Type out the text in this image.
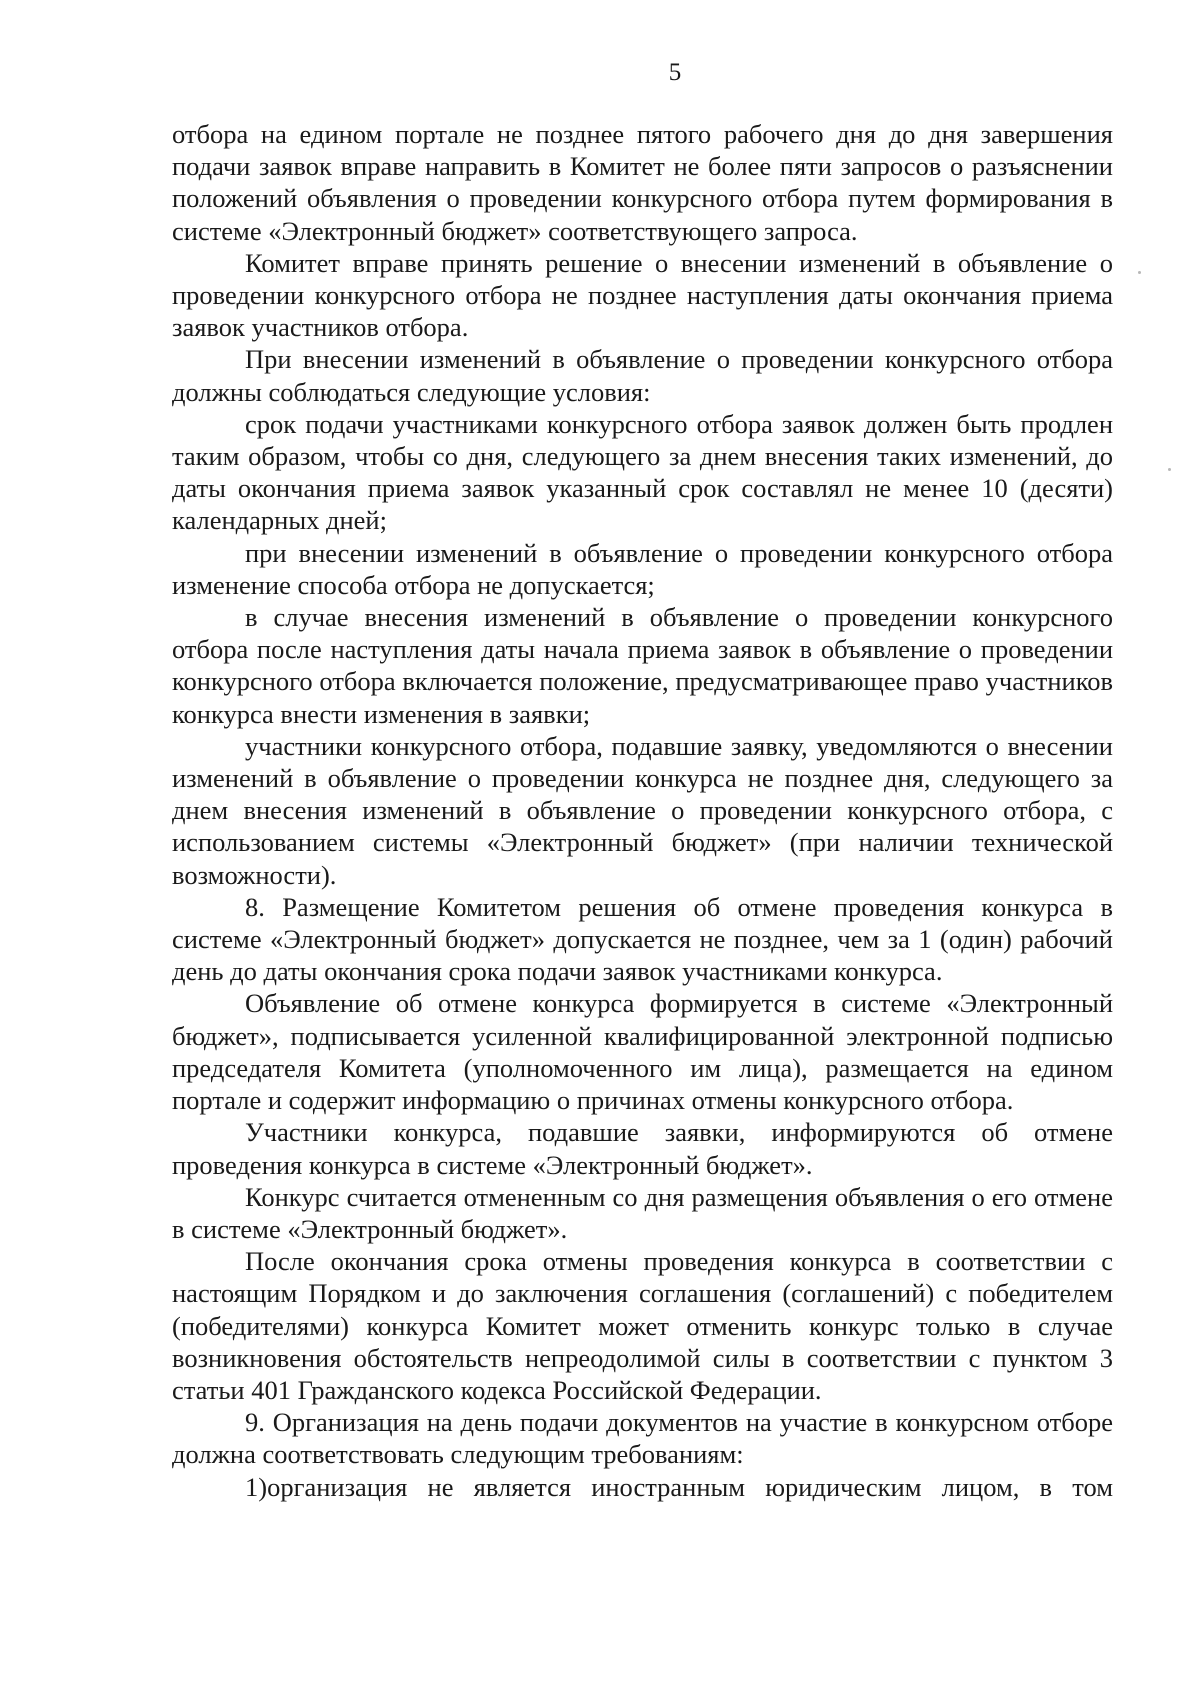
5

отбора на едином портале не позднее пятого рабочего дня до дня завершения подачи заявок вправе направить в Комитет не более пяти запросов о разъяснении положений объявления о проведении конкурсного отбора путем формирования в системе «Электронный бюджет» соответствующего запроса.

Комитет вправе принять решение о внесении изменений в объявление о проведении конкурсного отбора не позднее наступления даты окончания приема заявок участников отбора.

При внесении изменений в объявление о проведении конкурсного отбора должны соблюдаться следующие условия:

срок подачи участниками конкурсного отбора заявок должен быть продлен таким образом, чтобы со дня, следующего за днем внесения таких изменений, до даты окончания приема заявок указанный срок составлял не менее 10 (десяти) календарных дней;

при внесении изменений в объявление о проведении конкурсного отбора изменение способа отбора не допускается;

в случае внесения изменений в объявление о проведении конкурсного отбора после наступления даты начала приема заявок в объявление о проведении конкурсного отбора включается положение, предусматривающее право участников конкурса внести изменения в заявки;

участники конкурсного отбора, подавшие заявку, уведомляются о внесении изменений в объявление о проведении конкурса не позднее дня, следующего за днем внесения изменений в объявление о проведении конкурсного отбора, с использованием системы «Электронный бюджет» (при наличии технической возможности).

8. Размещение Комитетом решения об отмене проведения конкурса в системе «Электронный бюджет» допускается не позднее, чем за 1 (один) рабочий день до даты окончания срока подачи заявок участниками конкурса.

Объявление об отмене конкурса формируется в системе «Электронный бюджет», подписывается усиленной квалифицированной электронной подписью председателя Комитета (уполномоченного им лица), размещается на едином портале и содержит информацию о причинах отмены конкурсного отбора.

Участники конкурса, подавшие заявки, информируются об отмене проведения конкурса в системе «Электронный бюджет».

Конкурс считается отмененным со дня размещения объявления о его отмене в системе «Электронный бюджет».

После окончания срока отмены проведения конкурса в соответствии с настоящим Порядком и до заключения соглашения (соглашений) с победителем (победителями) конкурса Комитет может отменить конкурс только в случае возникновения обстоятельств непреодолимой силы в соответствии с пунктом 3 статьи 401 Гражданского кодекса Российской Федерации.

9. Организация на день подачи документов на участие в конкурсном отборе должна соответствовать следующим требованиям:

1)организация не является иностранным юридическим лицом, в том
